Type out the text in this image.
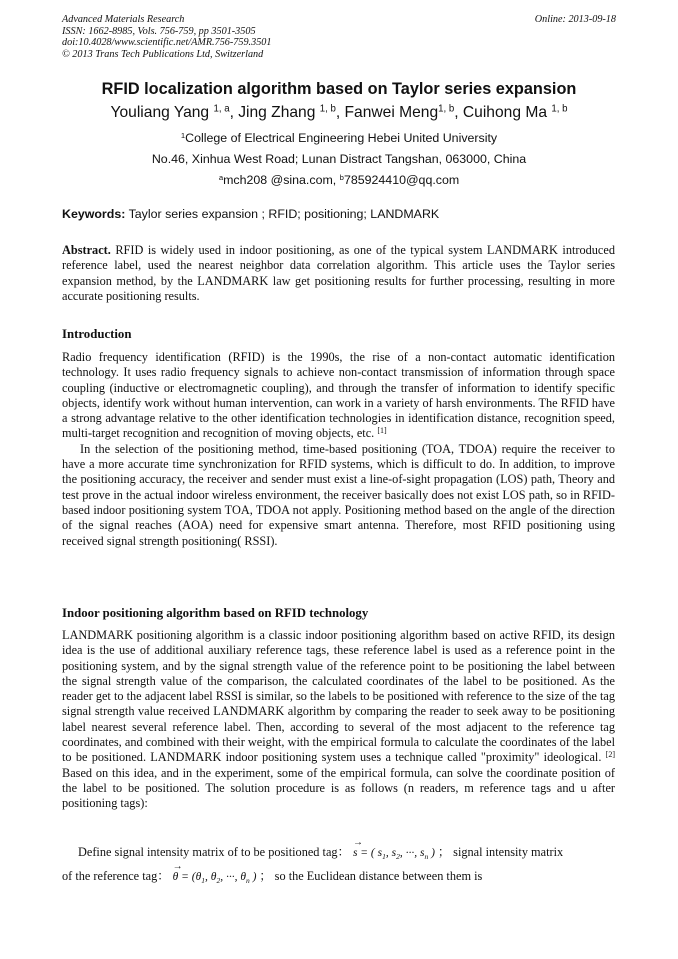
Advanced Materials Research
ISSN: 1662-8985, Vols. 756-759, pp 3501-3505
doi:10.4028/www.scientific.net/AMR.756-759.3501
© 2013 Trans Tech Publications Ltd, Switzerland
Online: 2013-09-18
RFID localization algorithm based on Taylor series expansion
Youliang Yang $^{1, a}$, Jing Zhang $^{1, b}$, Fanwei Meng$^{1, b}$, Cuihong Ma $^{1, b}$
$^1$College of Electrical Engineering Hebei United University
No.46, Xinhua West Road; Lunan Distract Tangshan, 063000, China
$^a$mch208 @sina.com, $^b$785924410@qq.com
Keywords: Taylor series expansion ; RFID; positioning; LANDMARK

Abstract. RFID is widely used in indoor positioning, as one of the typical system LANDMARK introduced reference label, used the nearest neighbor data correlation algorithm. This article uses the Taylor series expansion method, by the LANDMARK law get positioning results for further processing, resulting in more accurate positioning results.

Introduction

Radio frequency identification (RFID) is the 1990s, the rise of a non-contact automatic identification technology. It uses radio frequency signals to achieve non-contact transmission of information through space coupling (inductive or electromagnetic coupling), and through the transfer of information to identify specific objects, identify work without human intervention, can work in a variety of harsh environments. The RFID have a strong advantage relative to the other identification technologies in identification distance, recognition speed, multi-target recognition and recognition of moving objects, etc. [1]

In the selection of the positioning method, time-based positioning (TOA, TDOA) require the receiver to have a more accurate time synchronization for RFID systems, which is difficult to do. In addition, to improve the positioning accuracy, the receiver and sender must exist a line-of-sight propagation (LOS) path, Theory and test prove in the actual indoor wireless environment, the receiver basically does not exist LOS path, so in RFID-based indoor positioning system TOA, TDOA not apply. Positioning method based on the angle of the direction of the signal reaches (AOA) need for expensive smart antenna. Therefore, most RFID positioning using received signal strength positioning( RSSI).

Indoor positioning algorithm based on RFID technology

LANDMARK positioning algorithm is a classic indoor positioning algorithm based on active RFID, its design idea is the use of additional auxiliary reference tags, these reference label is used as a reference point in the positioning system, and by the signal strength value of the reference point to be positioning the label between the signal strength value of the comparison, the calculated coordinates of the label to be positioned. As the reader get to the adjacent label RSSI is similar, so the labels to be positioned with reference to the size of the tag signal strength value received LANDMARK algorithm by comparing the reader to seek away to be positioning label nearest several reference label. Then, according to several of the most adjacent to the reference tag coordinates, and combined with their weight, with the empirical formula to calculate the coordinates of the label to be positioned. LANDMARK indoor positioning system uses a technique called "proximity" ideological. [2] Based on this idea, and in the experiment, some of the empirical formula, can solve the coordinate position of the label to be positioned. The solution procedure is as follows (n readers, m reference tags and u after positioning tags):

Define signal intensity matrix of to be positioned tag：
→
s = ( $s_1$, $s_2$, ···, $s_n$ ) ； signal intensity matrix
of the reference tag：
→
$\theta = (\theta_1$, $\theta_2$, ···, $\theta_n$ ) ； so the Euclidean distance between them is
